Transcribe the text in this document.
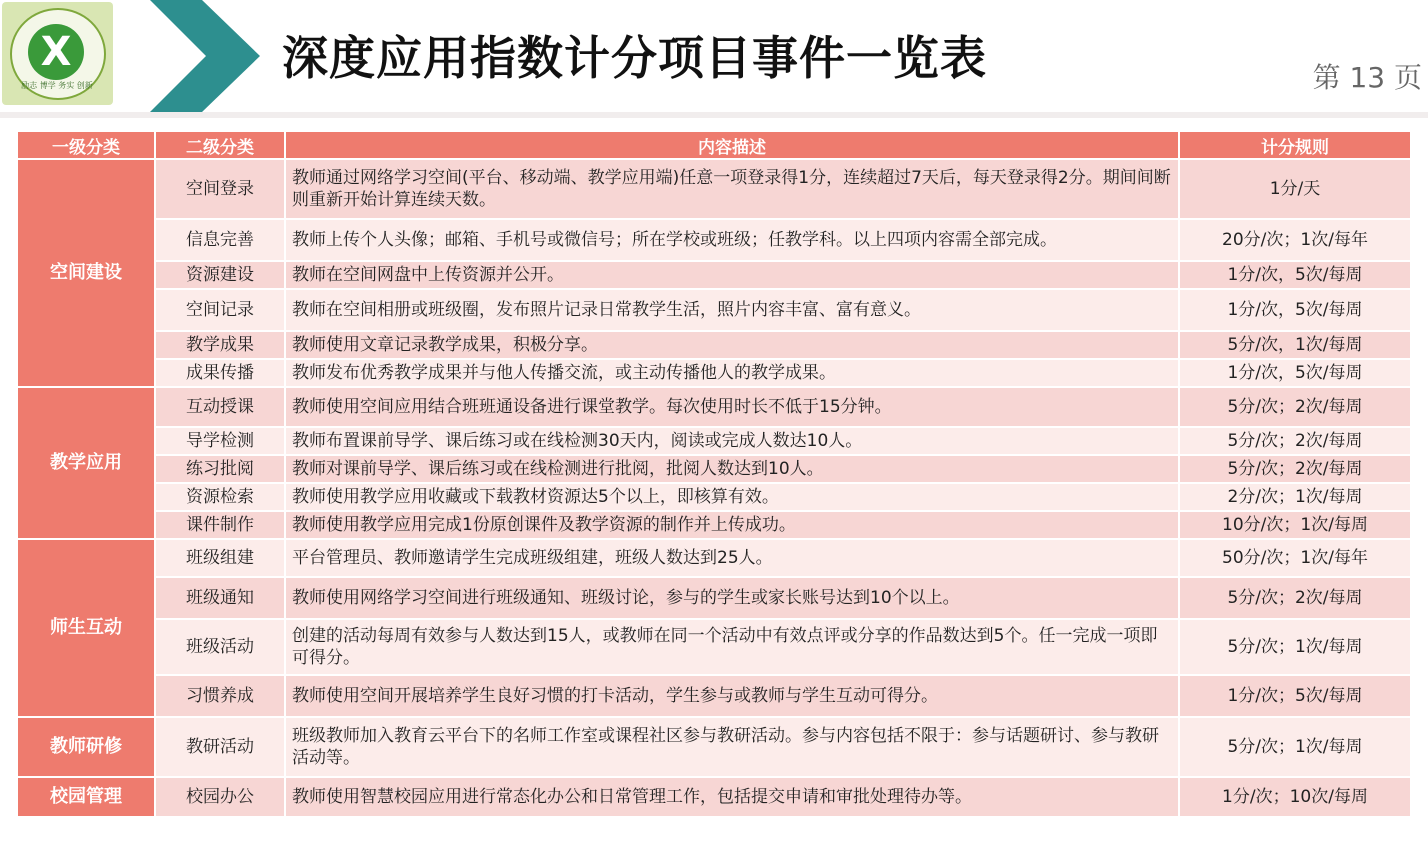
X
励志 博学 务实 创新
深度应用指数计分项目事件一览表	第 13 页
一级分类	二级分类	内容描述	计分规则
空间建设	空间登录	教师通过网络学习空间(平台、移动端、教学应用端)任意一项登录得1分，连续超过7天后，每天登录得2分。期间间断则重新开始计算连续天数。	1分/天
	信息完善	教师上传个人头像；邮箱、手机号或微信号；所在学校或班级；任教学科。以上四项内容需全部完成。	20分/次；1次/每年
	资源建设	教师在空间网盘中上传资源并公开。	1分/次，5次/每周
	空间记录	教师在空间相册或班级圈，发布照片记录日常教学生活，照片内容丰富、富有意义。	1分/次，5次/每周
	教学成果	教师使用文章记录教学成果，积极分享。	5分/次，1次/每周
	成果传播	教师发布优秀教学成果并与他人传播交流，或主动传播他人的教学成果。	1分/次，5次/每周
教学应用	互动授课	教师使用空间应用结合班班通设备进行课堂教学。每次使用时长不低于15分钟。	5分/次；2次/每周
	导学检测	教师布置课前导学、课后练习或在线检测30天内，阅读或完成人数达10人。	5分/次；2次/每周
	练习批阅	教师对课前导学、课后练习或在线检测进行批阅，批阅人数达到10人。	5分/次；2次/每周
	资源检索	教师使用教学应用收藏或下载教材资源达5个以上，即核算有效。	2分/次；1次/每周
	课件制作	教师使用教学应用完成1份原创课件及教学资源的制作并上传成功。	10分/次；1次/每周
师生互动	班级组建	平台管理员、教师邀请学生完成班级组建，班级人数达到25人。	50分/次；1次/每年
	班级通知	教师使用网络学习空间进行班级通知、班级讨论，参与的学生或家长账号达到10个以上。	5分/次；2次/每周
	班级活动	创建的活动每周有效参与人数达到15人，或教师在同一个活动中有效点评或分享的作品数达到5个。任一完成一项即可得分。	5分/次；1次/每周
	习惯养成	教师使用空间开展培养学生良好习惯的打卡活动，学生参与或教师与学生互动可得分。	1分/次；5次/每周
教师研修	教研活动	班级教师加入教育云平台下的名师工作室或课程社区参与教研活动。参与内容包括不限于：参与话题研讨、参与教研活动等。	5分/次；1次/每周
校园管理	校园办公	教师使用智慧校园应用进行常态化办公和日常管理工作，包括提交申请和审批处理待办等。	1分/次；10次/每周
